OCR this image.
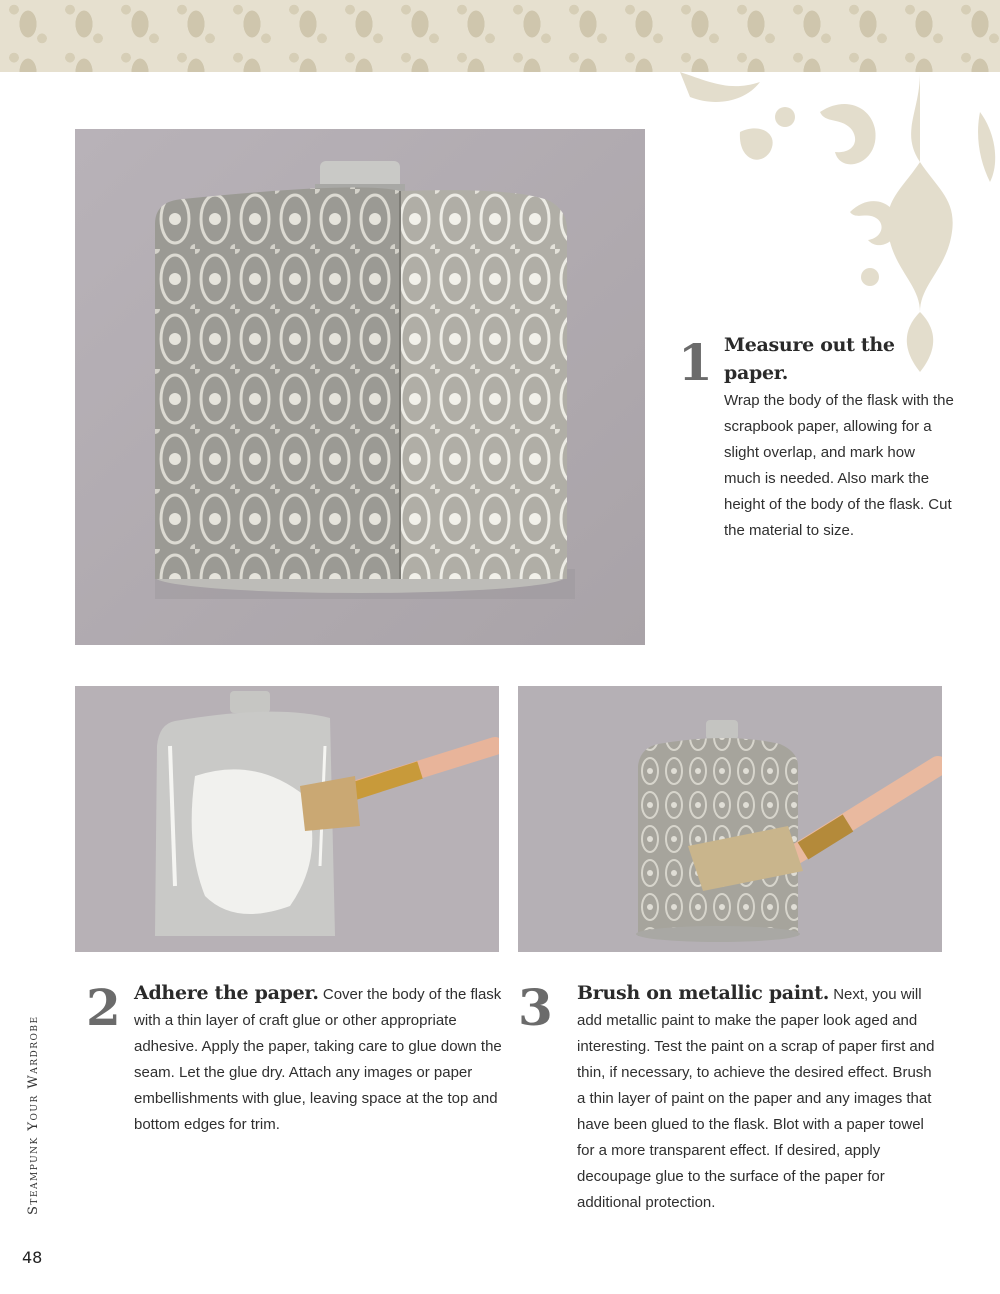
1 Measure out the paper.
Wrap the body of the flask with the scrapbook paper, allowing for a slight overlap, and mark how much is needed. Also mark the height of the body of the flask. Cut the material to size.
2 Adhere the paper. Cover the body of the flask with a thin layer of craft glue or other appropriate adhesive. Apply the paper, taking care to glue down the seam. Let the glue dry. Attach any images or paper embellishments with glue, leaving space at the top and bottom edges for trim.
3 Brush on metallic paint. Next, you will add metallic paint to make the paper look aged and interesting. Test the paint on a scrap of paper first and thin, if necessary, to achieve the desired effect. Brush a thin layer of paint on the paper and any images that have been glued to the flask. Blot with a paper towel for a more transparent effect. If desired, apply decoupage glue to the surface of the paper for additional protection.
Steampunk Your Wardrobe
48
